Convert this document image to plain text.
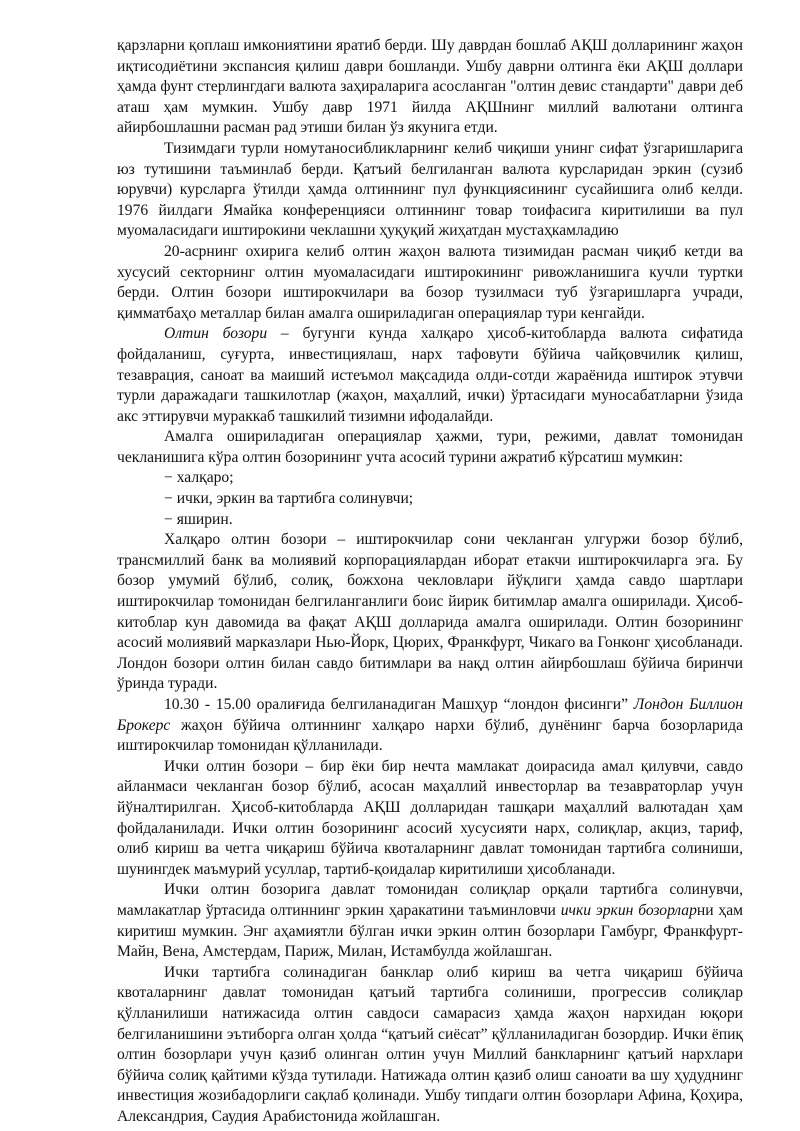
қарзларни қоплаш имкониятини яратиб берди. Шу даврдан бошлаб АҚШ долларининг жаҳон иқтисодиётини экспансия қилиш даври бошланди. Ушбу даврни олтинга ёки АҚШ доллари ҳамда фунт стерлингдаги валюта заҳираларига асосланган "олтин девис стандарти" даври деб аташ ҳам мумкин. Ушбу давр 1971 йилда АҚШнинг миллий валютани олтинга айирбошлашни расман рад этиши билан ўз якунига етди.

Тизимдаги турли номутаносибликларнинг келиб чиқиши унинг сифат ўзгаришларига юз тутишини таъминлаб берди. Қатъий белгиланган валюта курсларидан эркин (сузиб юрувчи) курсларга ўтилди ҳамда олтиннинг пул функциясининг сусайишига олиб келди. 1976 йилдаги Ямайка конференцияси олтиннинг товар тоифасига киритилиши ва пул муомаласидаги иштирокини чеклашни ҳуқуқий жиҳатдан мустаҳкамладию

20-асрнинг охирига келиб олтин жаҳон валюта тизимидан расман чиқиб кетди ва хусусий секторнинг олтин муомаласидаги иштирокининг ривожланишига кучли туртки берди. Олтин бозори иштирокчилари ва бозор тузилмаси туб ўзгаришларга учради, қимматбаҳо металлар билан амалга ошириладиган операциялар тури кенгайди.

Олтин бозори – бугунги кунда халқаро ҳисоб-китобларда валюта сифатида фойдаланиш, суғурта, инвестициялаш, нарх тафовути бўйича чайқовчилик қилиш, тезаврация, саноат ва маиший истеъмол мақсадида олди-сотди жараёнида иштирок этувчи турли даражадаги ташкилотлар (жаҳон, маҳаллий, ички) ўртасидаги муносабатларни ўзида акс эттирувчи мураккаб ташкилий тизимни ифодалайди.

Амалга ошириладиган операциялар ҳажми, тури, режими, давлат томонидан чекланишига кўра олтин бозорининг учта асосий турини ажратиб кўрсатиш мумкин:

− халқаро;

− ички, эркин ва тартибга солинувчи;

− яширин.

Халқаро олтин бозори – иштирокчилар сони чекланган улгуржи бозор бўлиб, трансмиллий банк ва молиявий корпорациялардан иборат етакчи иштирокчиларга эга. Бу бозор умумий бўлиб, солиқ, божхона чекловлари йўқлиги ҳамда савдо шартлари иштирокчилар томонидан белгиланганлиги боис йирик битимлар амалга оширилади. Ҳисоб-китоблар кун давомида ва фақат АҚШ долларида амалга оширилади. Олтин бозорининг асосий молиявий марказлари Нью-Йорк, Цюрих, Франкфурт, Чикаго ва Гонконг ҳисобланади. Лондон бозори олтин билан савдо битимлари ва нақд олтин айирбошлаш бўйича биринчи ўринда туради.

10.30 - 15.00 оралиғида белгиланадиган Машҳур “лондон фисинги” Лондон Биллион Брокерс жаҳон бўйича олтиннинг халқаро нархи бўлиб, дунёнинг барча бозорларида иштирокчилар томонидан қўлланилади.

Ички олтин бозори – бир ёки бир нечта мамлакат доирасида амал қилувчи, савдо айланмаси чекланган бозор бўлиб, асосан маҳаллий инвесторлар ва тезавраторлар учун йўналтирилган. Ҳисоб-китобларда АҚШ долларидан ташқари маҳаллий валютадан ҳам фойдаланилади. Ички олтин бозорининг асосий хусусияти нарх, солиқлар, акциз, тариф, олиб кириш ва четга чиқариш бўйича квоталарнинг давлат томонидан тартибга солиниши, шунингдек маъмурий усуллар, тартиб-қоидалар киритилиши ҳисобланади.

Ички олтин бозорига давлат томонидан солиқлар орқали тартибга солинувчи, мамлакатлар ўртасида олтиннинг эркин ҳаракатини таъминловчи ички эркин бозорларни ҳам киритиш мумкин. Энг аҳамиятли бўлган ички эркин олтин бозорлари Гамбург, Франкфурт-Майн, Вена, Амстердам, Париж, Милан, Истамбулда жойлашган.

Ички тартибга солинадиган банклар олиб кириш ва четга чиқариш бўйича квоталарнинг давлат томонидан қатъий тартибга солиниши, прогрессив солиқлар қўлланилиши натижасида олтин савдоси самарасиз ҳамда жаҳон нархидан юқори белгиланишини эътиборга олган ҳолда “қатъий сиёсат” қўлланиладиган бозордир. Ички ёпиқ олтин бозорлари учун қазиб олинган олтин учун Миллий банкларнинг қатъий нархлари бўйича солиқ қайтими кўзда тутилади. Натижада олтин қазиб олиш саноати ва шу ҳудуднинг инвестиция жозибадорлиги сақлаб қолинади. Ушбу типдаги олтин бозорлари Афина, Қоҳира, Александрия, Саудия Арабистонида жойлашган.
